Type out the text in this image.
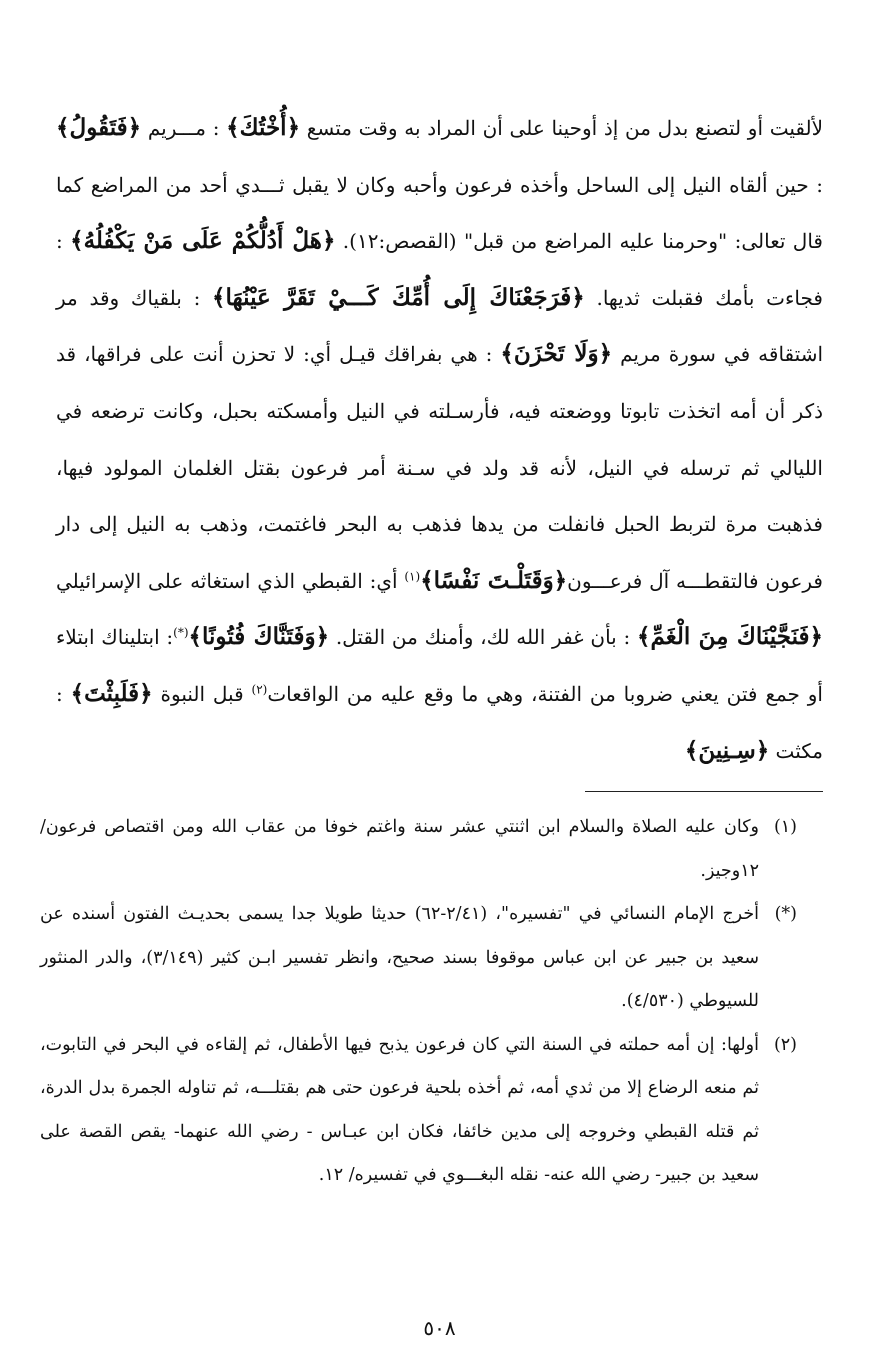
لألقيت أو لتصنع بدل من إذ أوحينا على أن المراد به وقت متسع ﴿أُخْتُكَ﴾ : مـــريم ﴿فَتَقُولُ﴾ : حين ألقاه النيل إلى الساحل وأخذه فرعون وأحبه وكان لا يقبل ثـــدي أحد من المراضع كما قال تعالى: "وحرمنا عليه المراضع من قبل" (القصص:١٢). ﴿هَلْ أَدُلُّكُمْ عَلَى مَنْ يَكْفُلُهُ﴾ : فجاءت بأمك فقبلت ثديها. ﴿فَرَجَعْنَاكَ إِلَى أُمِّكَ كَـــيْ تَقَرَّ عَيْنُهَا﴾ : بلقياك وقد مر اشتقاقه في سورة مريم ﴿وَلَا تَحْزَنَ﴾ : هي بفراقك قيـل أي: لا تحزن أنت على فراقها، قد ذكر أن أمه اتخذت تابوتا ووضعته فيه، فأرسـلته في النيل وأمسكته بحبل، وكانت ترضعه في الليالي ثم ترسله في النيل، لأنه قد ولد في سـنة أمر فرعون بقتل الغلمان المولود فيها، فذهبت مرة لتربط الحبل فانفلت من يدها فذهب به البحر فاغتمت، وذهب به النيل إلى دار فرعون فالتقطـــه آل فرعـــون﴿وَقَتَلْـتَ نَفْسًا﴾$^{(١)}$ أي: القبطي الذي استغاثه على الإسرائيلي ﴿فَنَجَّيْنَاكَ مِنَ الْغَمِّ﴾ : بأن غفر الله لك، وأمنك من القتل. ﴿وَفَتَنَّاكَ فُتُونًا﴾(*): ابتليناك ابتلاء أو جمع فتن يعني ضروبا من الفتنة، وهي ما وقع عليه من الواقعات$^{(٢)}$ قبل النبوة ﴿فَلَبِثْتَ﴾ : مكثت ﴿سِـنِينَ﴾

(١)
وكان عليه الصلاة والسلام ابن اثنتي عشر سنة واغتم خوفا من عقاب الله ومن اقتصاص فرعون/١٢وجيز.
(*)
أخرج الإمام النسائي في "تفسيره"، (٢/٤١-٦٢) حديثا طويلا جدا يسمى بحديـث الفتون أسنده عن سعيد بن جبير عن ابن عباس موقوفا بسند صحيح، وانظر تفسير ابـن كثير (٣/١٤٩)، والدر المنثور للسيوطي (٤/٥٣٠).
(٢)
أولها: إن أمه حملته في السنة التي كان فرعون يذبح فيها الأطفال، ثم إلقاءه في البحر في التابوت، ثم منعه الرضاع إلا من ثدي أمه، ثم أخذه بلحية فرعون حتى هم بقتلـــه، ثم تناوله الجمرة بدل الدرة، ثم قتله القبطي وخروجه إلى مدين خائفا، فكان ابن عبـاس - رضي الله عنهما- يقص القصة على سعيد بن جبير- رضي الله عنه- نقله البغـــوي في تفسيره/ ١٢.
٥٠٨
